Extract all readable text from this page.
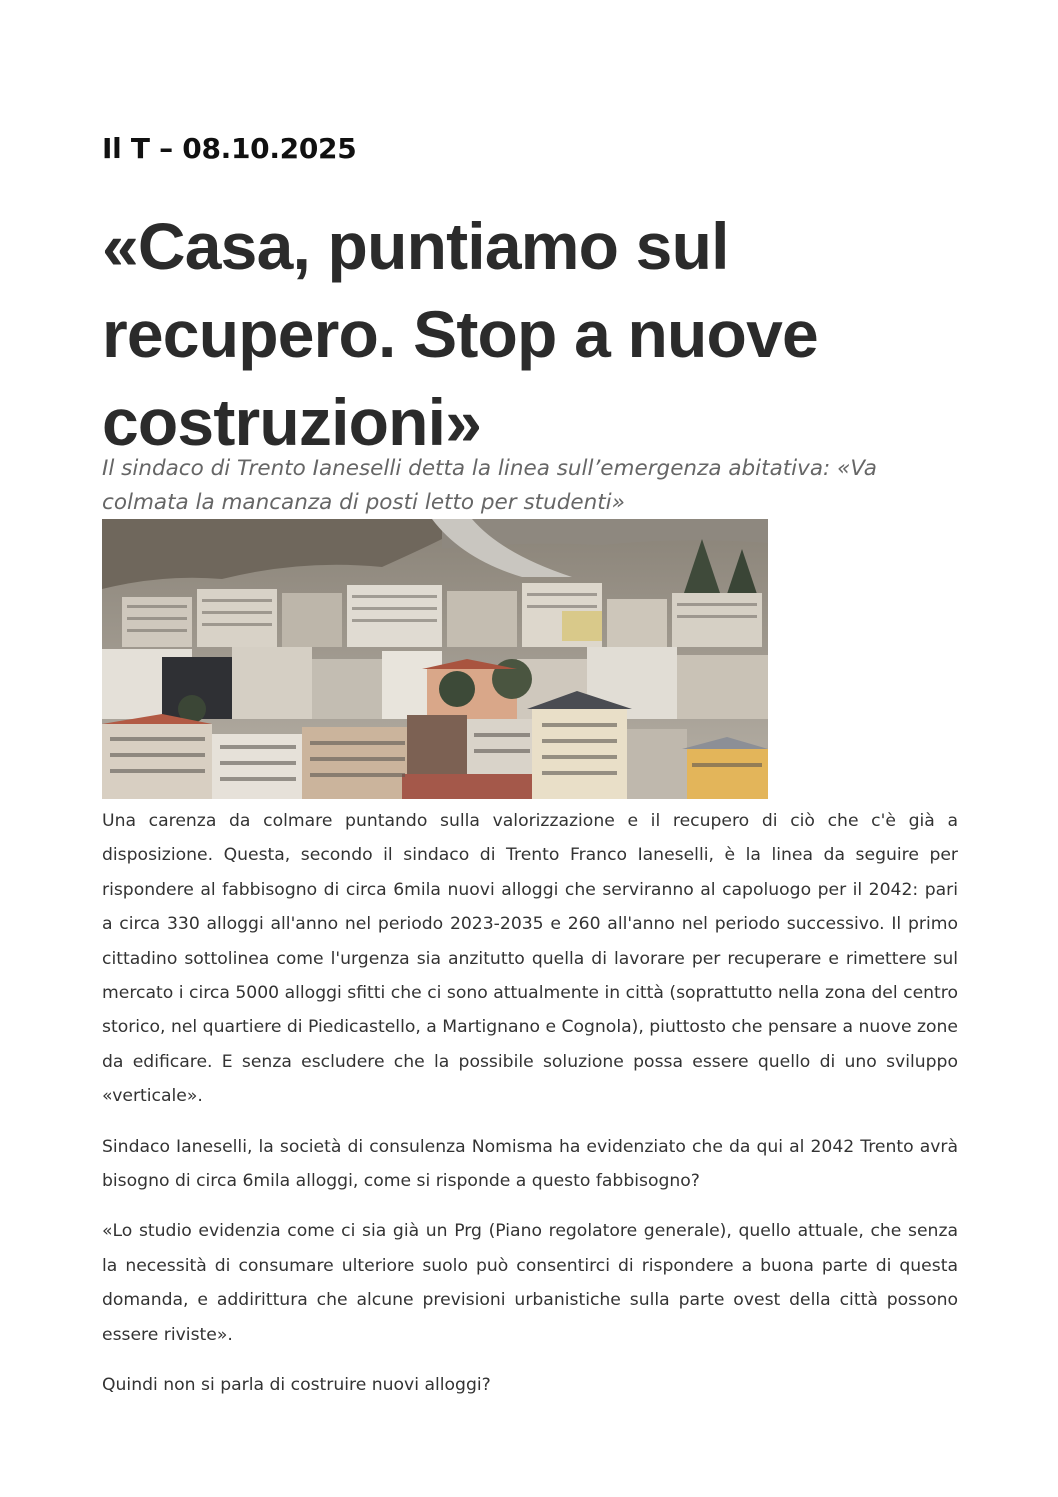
Il T – 08.10.2025
«Casa, puntiamo sul recupero. Stop a nuove costruzioni»

Il sindaco di Trento Ianeselli detta la linea sull’emergenza abitativa: «Va colmata la mancanza di posti letto per studenti»

Una carenza da colmare puntando sulla valorizzazione e il recupero di ciò che c'è già a disposizione. Questa, secondo il sindaco di Trento Franco Ianeselli, è la linea da seguire per rispondere al fabbisogno di circa 6mila nuovi alloggi che serviranno al capoluogo per il 2042: pari a circa 330 alloggi all'anno nel periodo 2023-2035 e 260 all'anno nel periodo successivo. Il primo cittadino sottolinea come l'urgenza sia anzitutto quella di lavorare per recuperare e rimettere sul mercato i circa 5000 alloggi sfitti che ci sono attualmente in città (soprattutto nella zona del centro storico, nel quartiere di Piedicastello, a Martignano e Cognola), piuttosto che pensare a nuove zone da edificare. E senza escludere che la possibile soluzione possa essere quello di uno sviluppo «verticale».

Sindaco Ianeselli, la società di consulenza Nomisma ha evidenziato che da qui al 2042 Trento avrà bisogno di circa 6mila alloggi, come si risponde a questo fabbisogno?

«Lo studio evidenzia come ci sia già un Prg (Piano regolatore generale), quello attuale, che senza la necessità di consumare ulteriore suolo può consentirci di rispondere a buona parte di questa domanda, e addirittura che alcune previsioni urbanistiche sulla parte ovest della città possono essere riviste».

Quindi non si parla di costruire nuovi alloggi?
